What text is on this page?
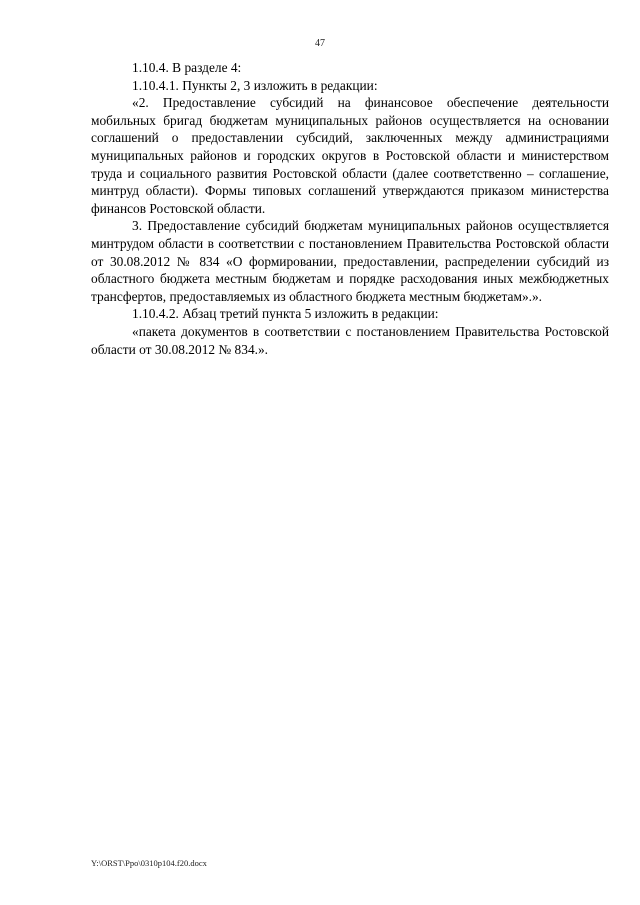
47

1.10.4. В разделе 4:

1.10.4.1. Пункты 2, 3 изложить в редакции:

«2. Предоставление субсидий на финансовое обеспечение деятельности мобильных бригад бюджетам муниципальных районов осуществляется на основании соглашений о предоставлении субсидий, заключенных между администрациями муниципальных районов и городских округов в Ростовской области и министерством труда и социального развития Ростовской области (далее соответственно – соглашение, минтруд области). Формы типовых соглашений утверждаются приказом министерства финансов Ростовской области.

3. Предоставление субсидий бюджетам муниципальных районов осуществляется минтрудом области в соответствии с постановлением Правительства Ростовской области от 30.08.2012 № 834 «О формировании, предоставлении, распределении субсидий из областного бюджета местным бюджетам и порядке расходования иных межбюджетных трансфертов, предоставляемых из областного бюджета местным бюджетам».».

1.10.4.2. Абзац третий пункта 5 изложить в редакции:

«пакета документов в соответствии с постановлением Правительства Ростовской области от 30.08.2012 № 834.».

Y:\ORST\Ppo\0310p104.f20.docx
